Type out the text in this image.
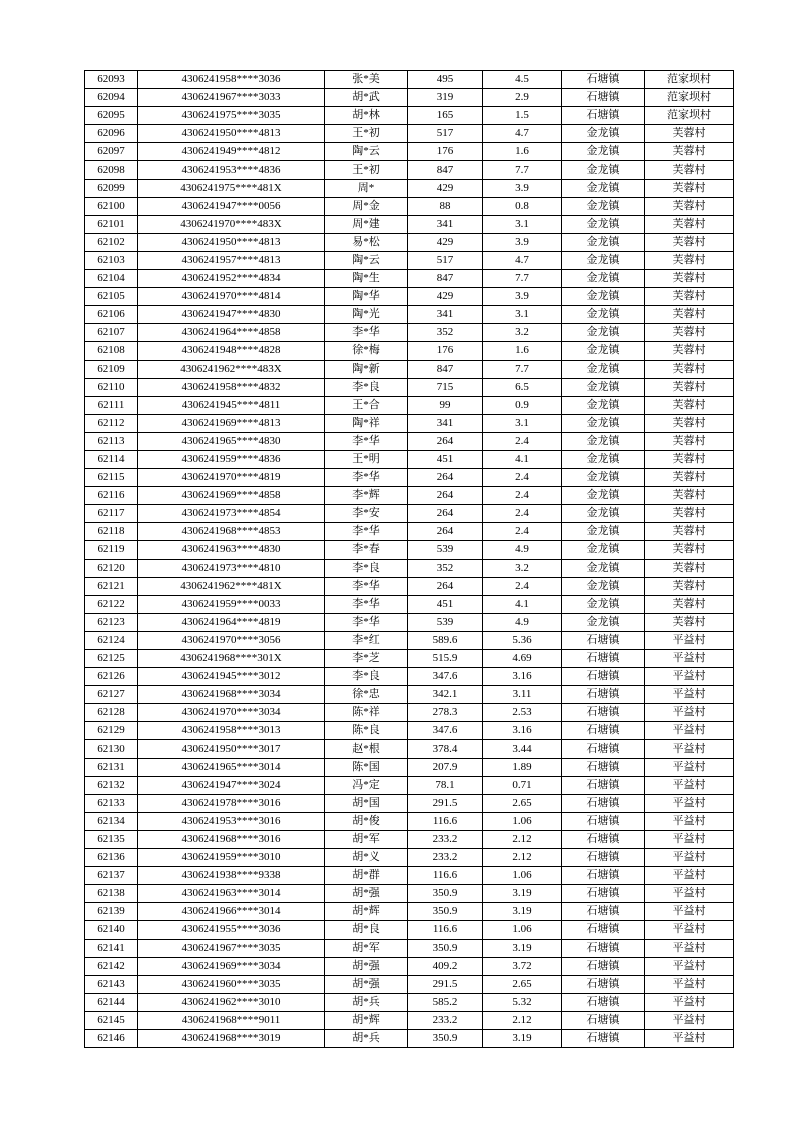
62093	4306241958****3036	张*美	495	4.5	石塘镇	范家坝村
62094	4306241967****3033	胡*武	319	2.9	石塘镇	范家坝村
62095	4306241975****3035	胡*林	165	1.5	石塘镇	范家坝村
62096	4306241950****4813	王*初	517	4.7	金龙镇	芙蓉村
62097	4306241949****4812	陶*云	176	1.6	金龙镇	芙蓉村
62098	4306241953****4836	王*初	847	7.7	金龙镇	芙蓉村
62099	4306241975****481X	周*	429	3.9	金龙镇	芙蓉村
62100	4306241947****0056	周*金	88	0.8	金龙镇	芙蓉村
62101	4306241970****483X	周*建	341	3.1	金龙镇	芙蓉村
62102	4306241950****4813	易*松	429	3.9	金龙镇	芙蓉村
62103	4306241957****4813	陶*云	517	4.7	金龙镇	芙蓉村
62104	4306241952****4834	陶*生	847	7.7	金龙镇	芙蓉村
62105	4306241970****4814	陶*华	429	3.9	金龙镇	芙蓉村
62106	4306241947****4830	陶*光	341	3.1	金龙镇	芙蓉村
62107	4306241964****4858	李*华	352	3.2	金龙镇	芙蓉村
62108	4306241948****4828	徐*梅	176	1.6	金龙镇	芙蓉村
62109	4306241962****483X	陶*新	847	7.7	金龙镇	芙蓉村
62110	4306241958****4832	李*良	715	6.5	金龙镇	芙蓉村
62111	4306241945****4811	王*合	99	0.9	金龙镇	芙蓉村
62112	4306241969****4813	陶*祥	341	3.1	金龙镇	芙蓉村
62113	4306241965****4830	李*华	264	2.4	金龙镇	芙蓉村
62114	4306241959****4836	王*明	451	4.1	金龙镇	芙蓉村
62115	4306241970****4819	李*华	264	2.4	金龙镇	芙蓉村
62116	4306241969****4858	李*辉	264	2.4	金龙镇	芙蓉村
62117	4306241973****4854	李*安	264	2.4	金龙镇	芙蓉村
62118	4306241968****4853	李*华	264	2.4	金龙镇	芙蓉村
62119	4306241963****4830	李*春	539	4.9	金龙镇	芙蓉村
62120	4306241973****4810	李*良	352	3.2	金龙镇	芙蓉村
62121	4306241962****481X	李*华	264	2.4	金龙镇	芙蓉村
62122	4306241959****0033	李*华	451	4.1	金龙镇	芙蓉村
62123	4306241964****4819	李*华	539	4.9	金龙镇	芙蓉村
62124	4306241970****3056	李*红	589.6	5.36	石塘镇	平益村
62125	4306241968****301X	李*芝	515.9	4.69	石塘镇	平益村
62126	4306241945****3012	李*良	347.6	3.16	石塘镇	平益村
62127	4306241968****3034	徐*忠	342.1	3.11	石塘镇	平益村
62128	4306241970****3034	陈*祥	278.3	2.53	石塘镇	平益村
62129	4306241958****3013	陈*良	347.6	3.16	石塘镇	平益村
62130	4306241950****3017	赵*根	378.4	3.44	石塘镇	平益村
62131	4306241965****3014	陈*国	207.9	1.89	石塘镇	平益村
62132	4306241947****3024	冯*定	78.1	0.71	石塘镇	平益村
62133	4306241978****3016	胡*国	291.5	2.65	石塘镇	平益村
62134	4306241953****3016	胡*俊	116.6	1.06	石塘镇	平益村
62135	4306241968****3016	胡*军	233.2	2.12	石塘镇	平益村
62136	4306241959****3010	胡*义	233.2	2.12	石塘镇	平益村
62137	4306241938****9338	胡*群	116.6	1.06	石塘镇	平益村
62138	4306241963****3014	胡*强	350.9	3.19	石塘镇	平益村
62139	4306241966****3014	胡*辉	350.9	3.19	石塘镇	平益村
62140	4306241955****3036	胡*良	116.6	1.06	石塘镇	平益村
62141	4306241967****3035	胡*军	350.9	3.19	石塘镇	平益村
62142	4306241969****3034	胡*强	409.2	3.72	石塘镇	平益村
62143	4306241960****3035	胡*强	291.5	2.65	石塘镇	平益村
62144	4306241962****3010	胡*兵	585.2	5.32	石塘镇	平益村
62145	4306241968****9011	胡*辉	233.2	2.12	石塘镇	平益村
62146	4306241968****3019	胡*兵	350.9	3.19	石塘镇	平益村
